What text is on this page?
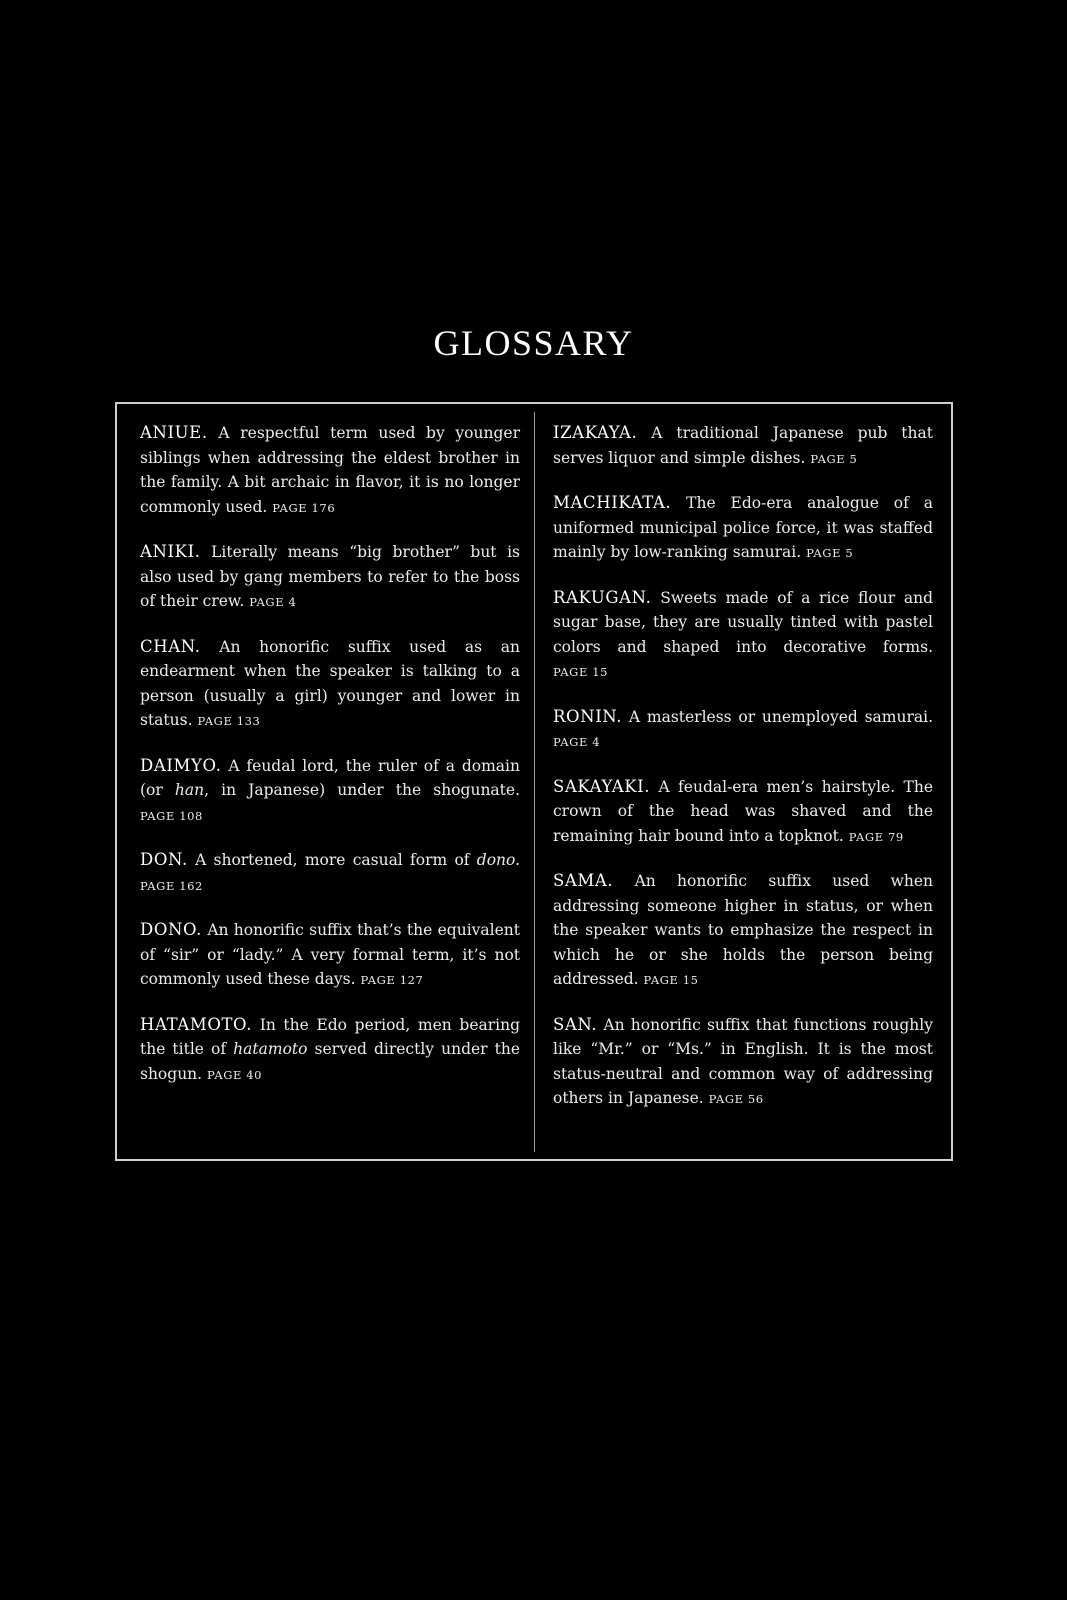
GLOSSARY

ANIUE. A respectful term used by younger siblings when addressing the eldest brother in the family. A bit archaic in flavor, it is no longer commonly used. PAGE 176

ANIKI. Literally means “big brother” but is also used by gang members to refer to the boss of their crew. PAGE 4

CHAN. An honorific suffix used as an endearment when the speaker is talking to a person (usually a girl) younger and lower in status. PAGE 133

DAIMYO. A feudal lord, the ruler of a domain (or han, in Japanese) under the shogunate. PAGE 108

DON. A shortened, more casual form of dono. PAGE 162

DONO. An honorific suffix that’s the equivalent of “sir” or “lady.” A very formal term, it’s not commonly used these days. PAGE 127

HATAMOTO. In the Edo period, men bearing the title of hatamoto served directly under the shogun. PAGE 40

IZAKAYA. A traditional Japanese pub that serves liquor and simple dishes. PAGE 5

MACHIKATA. The Edo-era analogue of a uniformed municipal police force, it was staffed mainly by low-ranking samurai. PAGE 5

RAKUGAN. Sweets made of a rice flour and sugar base, they are usually tinted with pastel colors and shaped into decorative forms. PAGE 15

RONIN. A masterless or unemployed samurai. PAGE 4

SAKAYAKI. A feudal-era men’s hairstyle. The crown of the head was shaved and the remaining hair bound into a topknot. PAGE 79

SAMA. An honorific suffix used when addressing someone higher in status, or when the speaker wants to emphasize the respect in which he or she holds the person being addressed. PAGE 15

SAN. An honorific suffix that functions roughly like “Mr.” or “Ms.” in English. It is the most status-neutral and common way of addressing others in Japanese. PAGE 56
